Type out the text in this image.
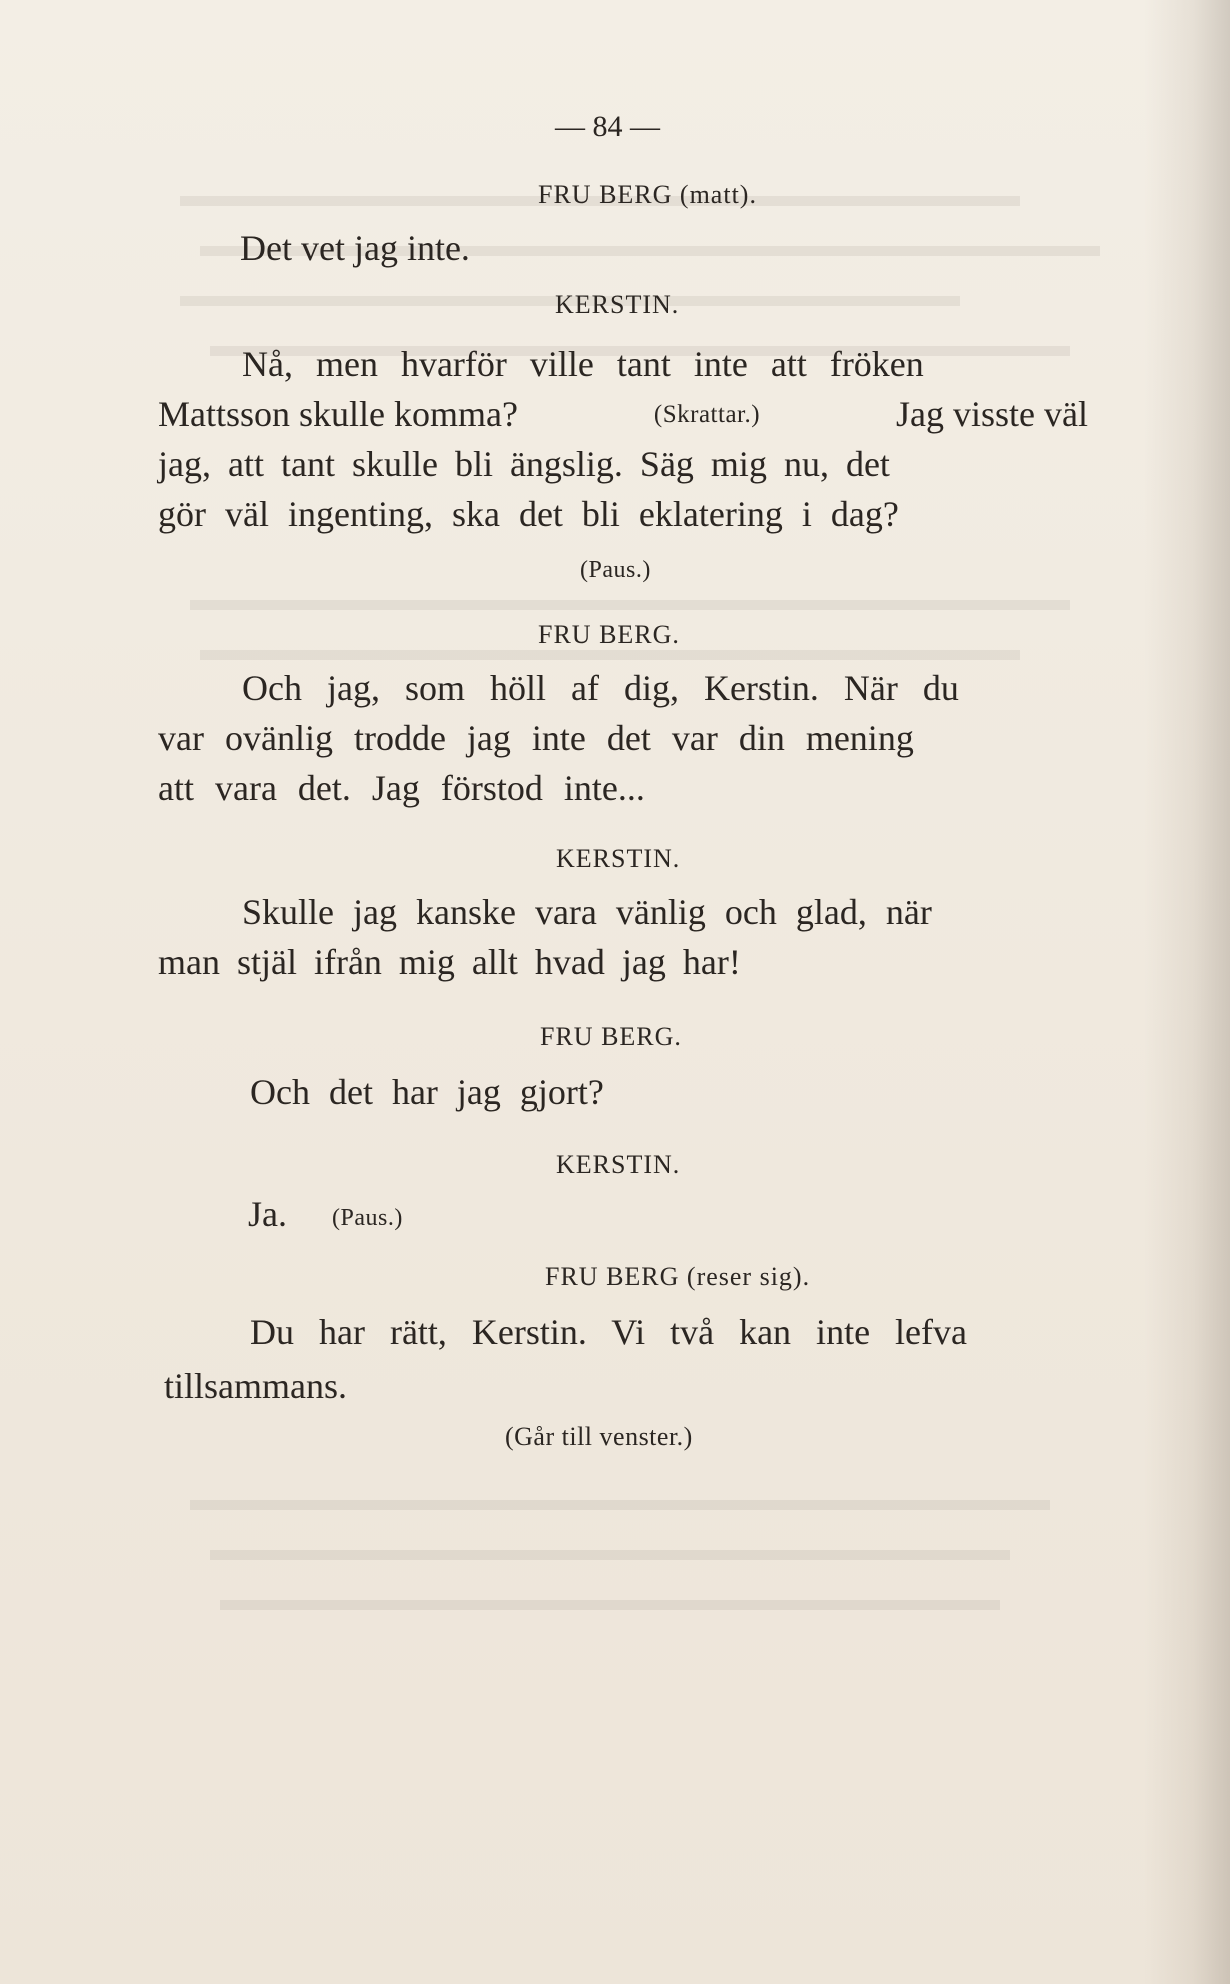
— 84 —
FRU BERG (matt).
Det vet jag inte.
KERSTIN.
Nå, men hvarför ville tant inte att fröken
Mattsson skulle komma?	(Skrattar.)	Jag visste väl
jag, att tant skulle bli ängslig. Säg mig nu, det
gör väl ingenting, ska det bli eklatering i dag?
(Paus.)
FRU BERG.
Och jag, som höll af dig, Kerstin. När du
var ovänlig trodde jag inte det var din mening
att vara det. Jag förstod inte...
KERSTIN.
Skulle jag kanske vara vänlig och glad, när
man stjäl ifrån mig allt hvad jag har!
FRU BERG.
Och det har jag gjort?
KERSTIN.
Ja. (Paus.)
FRU BERG (reser sig).
Du har rätt, Kerstin. Vi två kan inte lefva
tillsammans.
(Går till venster.)
